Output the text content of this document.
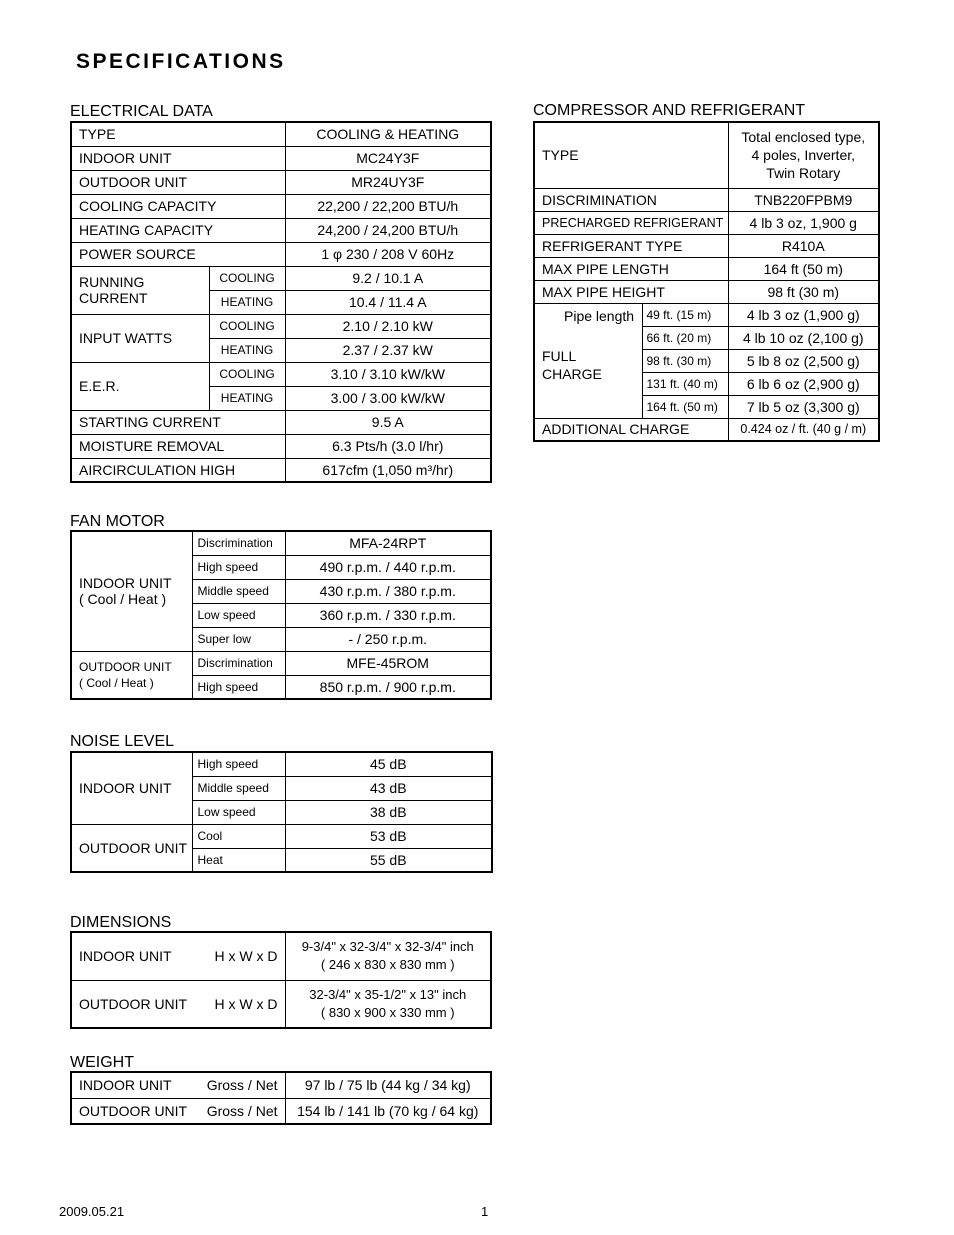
SPECIFICATIONS
ELECTRICAL DATA
TYPE		COOLING & HEATING
INDOOR UNIT		MC24Y3F
OUTDOOR UNIT		MR24UY3F
COOLING CAPACITY		22,200 / 22,200 BTU/h
HEATING CAPACITY		24,200 / 24,200 BTU/h
POWER SOURCE		1 φ 230 / 208 V 60Hz
RUNNING
CURRENT	COOLING	9.2 / 10.1 A
	HEATING	10.4 / 11.4 A
INPUT WATTS	COOLING	2.10 / 2.10 kW
	HEATING	2.37 / 2.37 kW
E.E.R.	COOLING	3.10 / 3.10 kW/kW
	HEATING	3.00 / 3.00 kW/kW
STARTING CURRENT		9.5 A
MOISTURE REMOVAL		6.3 Pts/h (3.0 l/hr)
AIRCIRCULATION HIGH		617cfm (1,050 m³/hr)
FAN MOTOR
INDOOR UNIT
( Cool / Heat )	Discrimination	MFA-24RPT
	High speed	490 r.p.m. / 440 r.p.m.
	Middle speed	430 r.p.m. / 380 r.p.m.
	Low speed	360 r.p.m. / 330 r.p.m.
	Super low	- / 250 r.p.m.
OUTDOOR UNIT
( Cool / Heat )	Discrimination	MFE-45ROM
	High speed	850 r.p.m. / 900 r.p.m.
NOISE LEVEL
INDOOR UNIT	High speed	45 dB
	Middle speed	43 dB
	Low speed	38 dB
OUTDOOR UNIT	Cool	53 dB
	Heat	55 dB
DIMENSIONS
INDOOR UNIT	H x W x D	9-3/4" x 32-3/4" x 32-3/4" inch
( 246 x 830 x 830 mm )
OUTDOOR UNIT	H x W x D	32-3/4" x 35-1/2" x 13" inch
( 830 x 900 x 330 mm )
WEIGHT
INDOOR UNIT	Gross / Net	97 lb / 75 lb (44 kg / 34 kg)
OUTDOOR UNIT	Gross / Net	154 lb / 141 lb (70 kg / 64 kg)
COMPRESSOR AND REFRIGERANT
TYPE		Total enclosed type,
4 poles, Inverter,
Twin Rotary
DISCRIMINATION		TNB220FPBM9
PRECHARGED REFRIGERANT		4 lb 3 oz, 1,900 g
REFRIGERANT TYPE		R410A
MAX PIPE LENGTH		164 ft (50 m)
MAX PIPE HEIGHT		98 ft (30 m)

Pipe length
FULL
CHARGE	49 ft. (15 m)	4 lb 3 oz (1,900 g)
	66 ft. (20 m)	4 lb 10 oz (2,100 g)
	98 ft. (30 m)	5 lb 8 oz (2,500 g)
	131 ft. (40 m)	6 lb 6 oz (2,900 g)
	164 ft. (50 m)	7 lb 5 oz (3,300 g)
ADDITIONAL CHARGE		0.424 oz / ft. (40 g / m)
2009.05.21	1
